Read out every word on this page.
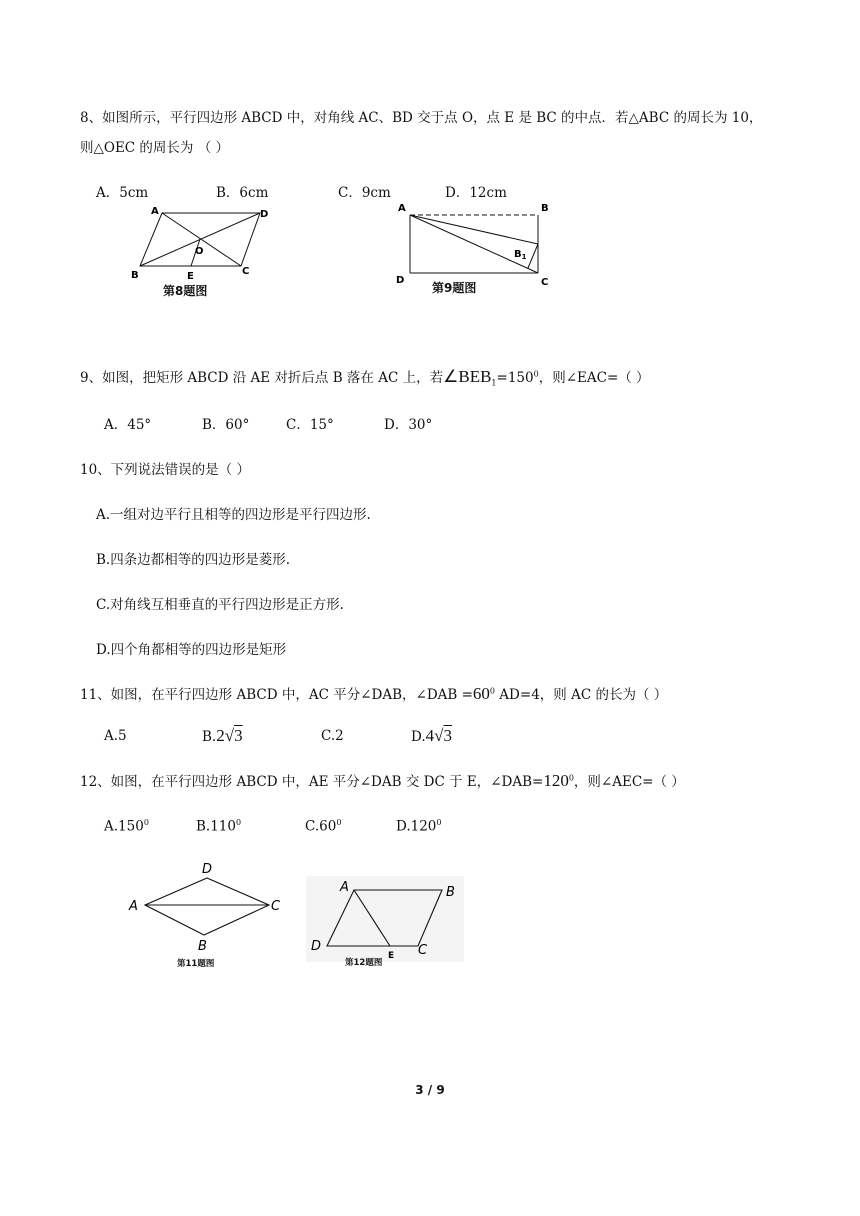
8、如图所示，平行四边形 ABCD 中，对角线 AC、BD 交于点 O，点 E 是 BC 的中点．若△ABC 的周长为 10，
则△OEC 的周长为 （ ）
A．5cm	B．6cm	C．9cm	D．12cm
A	D
O
B	E	C
第8题图
A	B
$B_1$
D	C
第9题图
9、如图，把矩形 ABCD 沿 AE 对折后点 B 落在 AC 上，若$\angle BEB_1=150^0$，则∠EAC=（ ）
A．45°	B．60°	C．15°	D．30°
10、下列说法错误的是（ ）
A.一组对边平行且相等的四边形是平行四边形.
B.四条边都相等的四边形是菱形.
C.对角线互相垂直的平行四边形是正方形.
D.四个角都相等的四边形是矩形
11、如图，在平行四边形 ABCD 中，AC 平分∠DAB，∠DAB $=60^0$ AD=4，则 AC 的长为（ ）
A.5	B.2√3	C.2	D.4√3
12、如图，在平行四边形 ABCD 中，AE 平分∠DAB 交 DC 于 E，$\angle DAB=120^0$，则∠AEC=（ ）
A.150$^0$	B.110$^0$	$C.60^0$	D.120$^0$
D
A	C
B
第11题图
A	B
D
E C
第12题图
3 / 9
